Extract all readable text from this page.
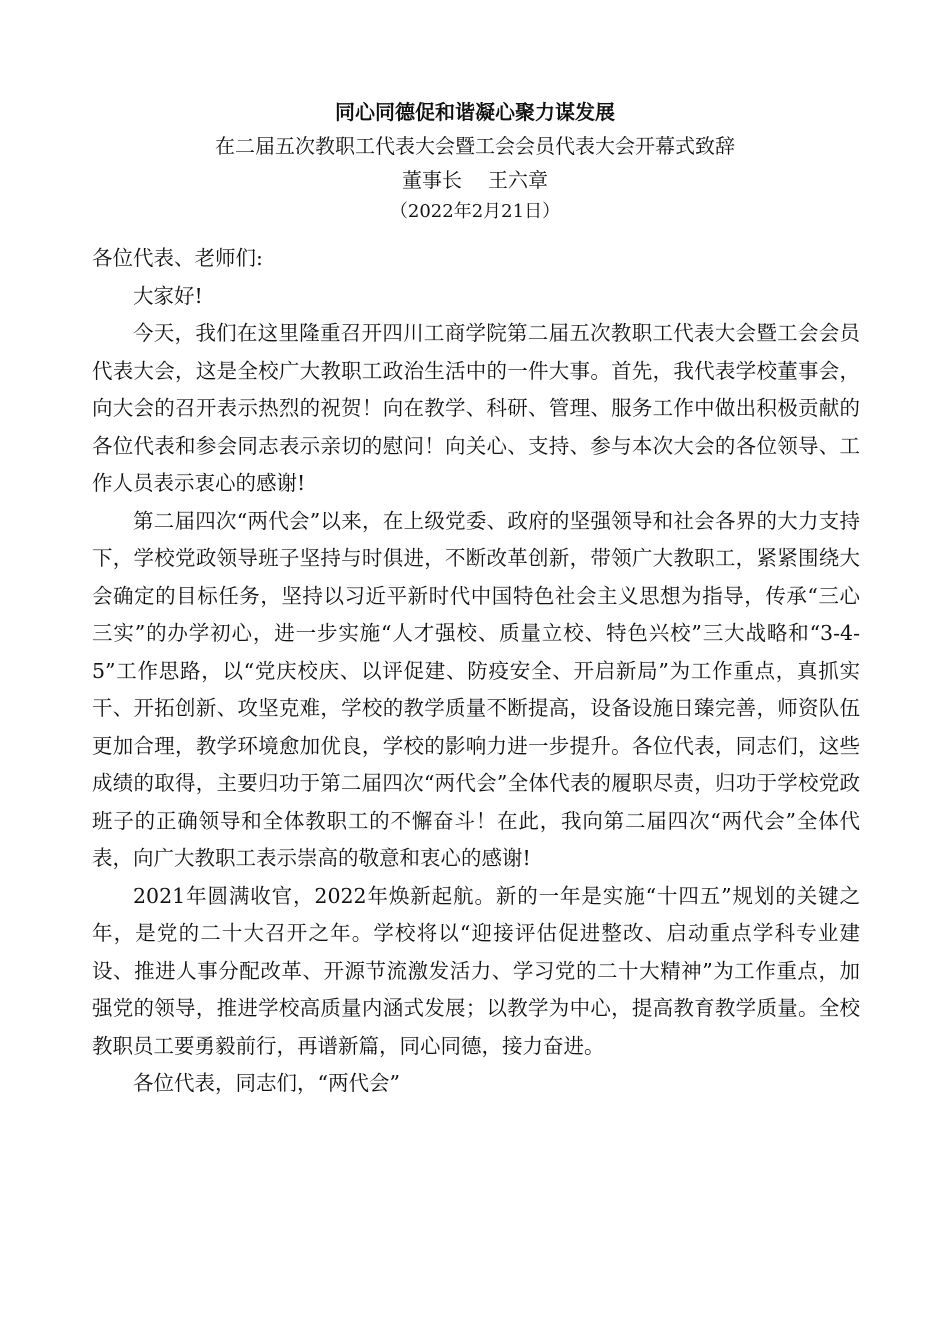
同心同德促和谐凝心聚力谋发展
在二届五次教职工代表大会暨工会会员代表大会开幕式致辞
董事长 王六章
（2022年2月21日）

各位代表、老师们:

大家好!

今天，我们在这里隆重召开四川工商学院第二届五次教职工代表大会暨工会会员代表大会，这是全校广大教职工政治生活中的一件大事。首先，我代表学校董事会，向大会的召开表示热烈的祝贺！向在教学、科研、管理、服务工作中做出积极贡献的各位代表和参会同志表示亲切的慰问！向关心、支持、参与本次大会的各位领导、工作人员表示衷心的感谢!

第二届四次“两代会”以来，在上级党委、政府的坚强领导和社会各界的大力支持下，学校党政领导班子坚持与时俱进，不断改革创新，带领广大教职工，紧紧围绕大会确定的目标任务，坚持以习近平新时代中国特色社会主义思想为指导，传承“三心三实”的办学初心，进一步实施“人才强校、质量立校、特色兴校”三大战略和“3-4-5”工作思路，以“党庆校庆、以评促建、防疫安全、开启新局”为工作重点，真抓实干、开拓创新、攻坚克难，学校的教学质量不断提高，设备设施日臻完善，师资队伍更加合理，教学环境愈加优良，学校的影响力进一步提升。各位代表，同志们，这些成绩的取得，主要归功于第二届四次“两代会”全体代表的履职尽责，归功于学校党政班子的正确领导和全体教职工的不懈奋斗！在此，我向第二届四次“两代会”全体代表，向广大教职工表示崇高的敬意和衷心的感谢!

2021年圆满收官，2022年焕新起航。新的一年是实施“十四五”规划的关键之年，是党的二十大召开之年。学校将以“迎接评估促进整改、启动重点学科专业建设、推进人事分配改革、开源节流激发活力、学习党的二十大精神”为工作重点，加强党的领导，推进学校高质量内涵式发展；以教学为中心，提高教育教学质量。全校教职员工要勇毅前行，再谱新篇，同心同德，接力奋进。

各位代表，同志们，“两代会”
